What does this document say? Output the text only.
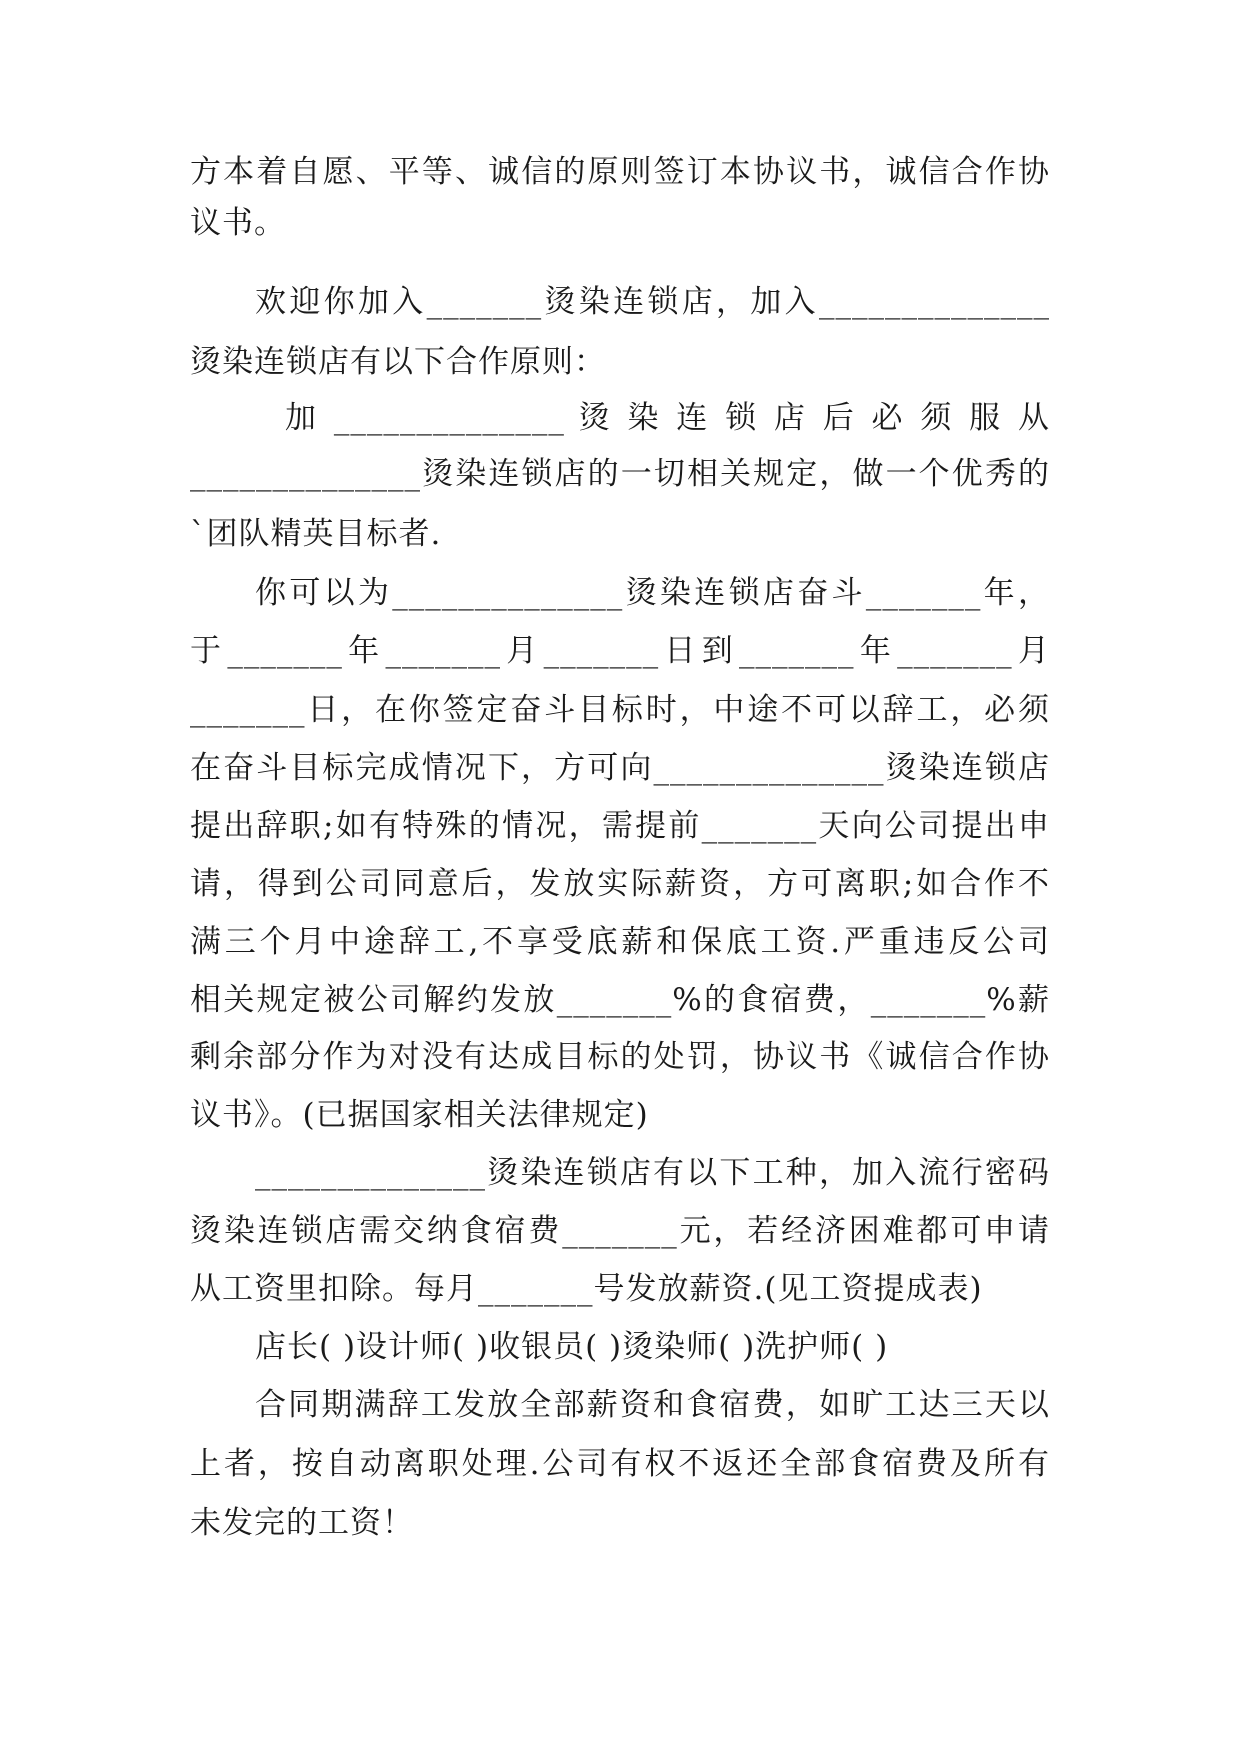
方本着自愿、平等、诚信的原则签订本协议书，诚信合作协
议书。
欢迎你加入_______烫染连锁店，加入______________
烫染连锁店有以下合作原则：
加 ______________ 烫 染 连 锁 店 后 必 须 服 从
______________烫染连锁店的一切相关规定，做一个优秀的
`团队精英目标者.
你可以为______________烫染连锁店奋斗_______年，
于_______年_______月_______日到_______年_______月
_______日，在你签定奋斗目标时，中途不可以辞工，必须
在奋斗目标完成情况下，方可向______________烫染连锁店
提出辞职;如有特殊的情况，需提前_______天向公司提出申
请，得到公司同意后，发放实际薪资，方可离职;如合作不
满三个月中途辞工,不享受底薪和保底工资.严重违反公司
相关规定被公司解约发放_______%的食宿费，_______%薪
剩余部分作为对没有达成目标的处罚，协议书《诚信合作协
议书》。(已据国家相关法律规定)
______________烫染连锁店有以下工种，加入流行密码
烫染连锁店需交纳食宿费_______元，若经济困难都可申请
从工资里扣除。每月_______号发放薪资.(见工资提成表)
店长( )设计师( )收银员( )烫染师( )洗护师( )
合同期满辞工发放全部薪资和食宿费，如旷工达三天以
上者，按自动离职处理.公司有权不返还全部食宿费及所有
未发完的工资！
